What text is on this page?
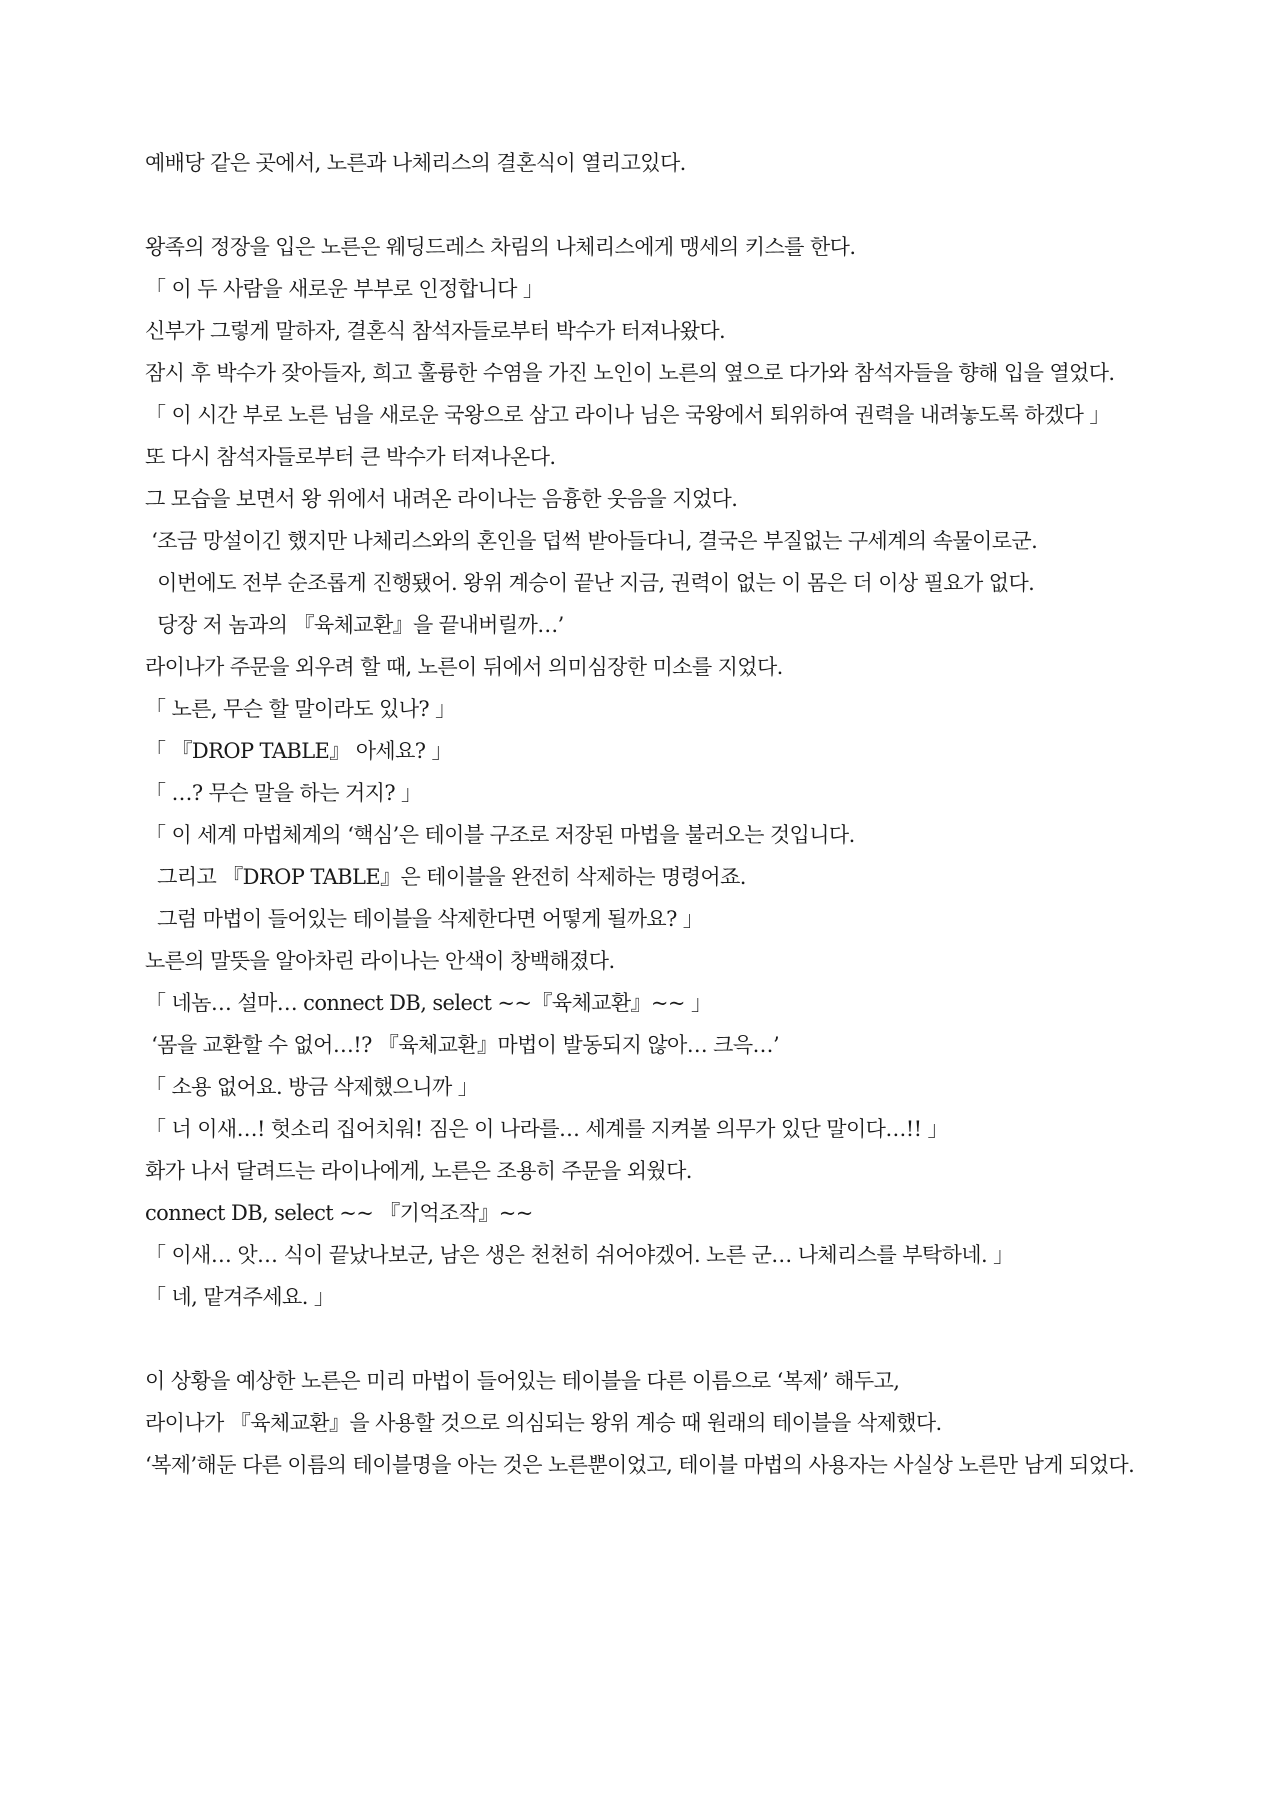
예배당 같은 곳에서, 노른과 나체리스의 결혼식이 열리고있다.
왕족의 정장을 입은 노른은 웨딩드레스 차림의 나체리스에게 맹세의 키스를 한다.
「 이 두 사람을 새로운 부부로 인정합니다 」
신부가 그렇게 말하자, 결혼식 참석자들로부터 박수가 터져나왔다.
잠시 후 박수가 잦아들자, 희고 훌륭한 수염을 가진 노인이 노른의 옆으로 다가와 참석자들을 향해 입을 열었다.
「 이 시간 부로 노른 님을 새로운 국왕으로 삼고 라이나 님은 국왕에서 퇴위하여 권력을 내려놓도록 하겠다 」
또 다시 참석자들로부터 큰 박수가 터져나온다.
그 모습을 보면서 왕 위에서 내려온 라이나는 음흉한 웃음을 지었다.
‘조금 망설이긴 했지만 나체리스와의 혼인을 덥썩 받아들다니, 결국은 부질없는 구세계의 속물이로군.
이번에도 전부 순조롭게 진행됐어. 왕위 계승이 끝난 지금, 권력이 없는 이 몸은 더 이상 필요가 없다.
당장 저 놈과의 『육체교환』을 끝내버릴까…’
라이나가 주문을 외우려 할 때, 노른이 뒤에서 의미심장한 미소를 지었다.
「 노른, 무슨 할 말이라도 있나? 」
「 『DROP TABLE』 아세요? 」
「 …? 무슨 말을 하는 거지? 」
「 이 세계 마법체계의 ‘핵심’은 테이블 구조로 저장된 마법을 불러오는 것입니다.
그리고 『DROP TABLE』은 테이블을 완전히 삭제하는 명령어죠.
그럼 마법이 들어있는 테이블을 삭제한다면 어떻게 될까요? 」
노른의 말뜻을 알아차린 라이나는 안색이 창백해졌다.
「 네놈… 설마… connect DB, select ~~『육체교환』~~ 」
‘몸을 교환할 수 없어…!? 『육체교환』마법이 발동되지 않아… 크윽…’
「 소용 없어요. 방금 삭제했으니까 」
「 너 이새…! 헛소리 집어치워! 짐은 이 나라를… 세계를 지켜볼 의무가 있단 말이다…!! 」
화가 나서 달려드는 라이나에게, 노른은 조용히 주문을 외웠다.
connect DB, select ~~ 『기억조작』~~
「 이새… 앗… 식이 끝났나보군, 남은 생은 천천히 쉬어야겠어. 노른 군… 나체리스를 부탁하네. 」
「 네, 맡겨주세요. 」
이 상황을 예상한 노른은 미리 마법이 들어있는 테이블을 다른 이름으로 ‘복제’ 해두고,
라이나가 『육체교환』을 사용할 것으로 의심되는 왕위 계승 때 원래의 테이블을 삭제했다.
‘복제’해둔 다른 이름의 테이블명을 아는 것은 노른뿐이었고, 테이블 마법의 사용자는 사실상 노른만 남게 되었다.
